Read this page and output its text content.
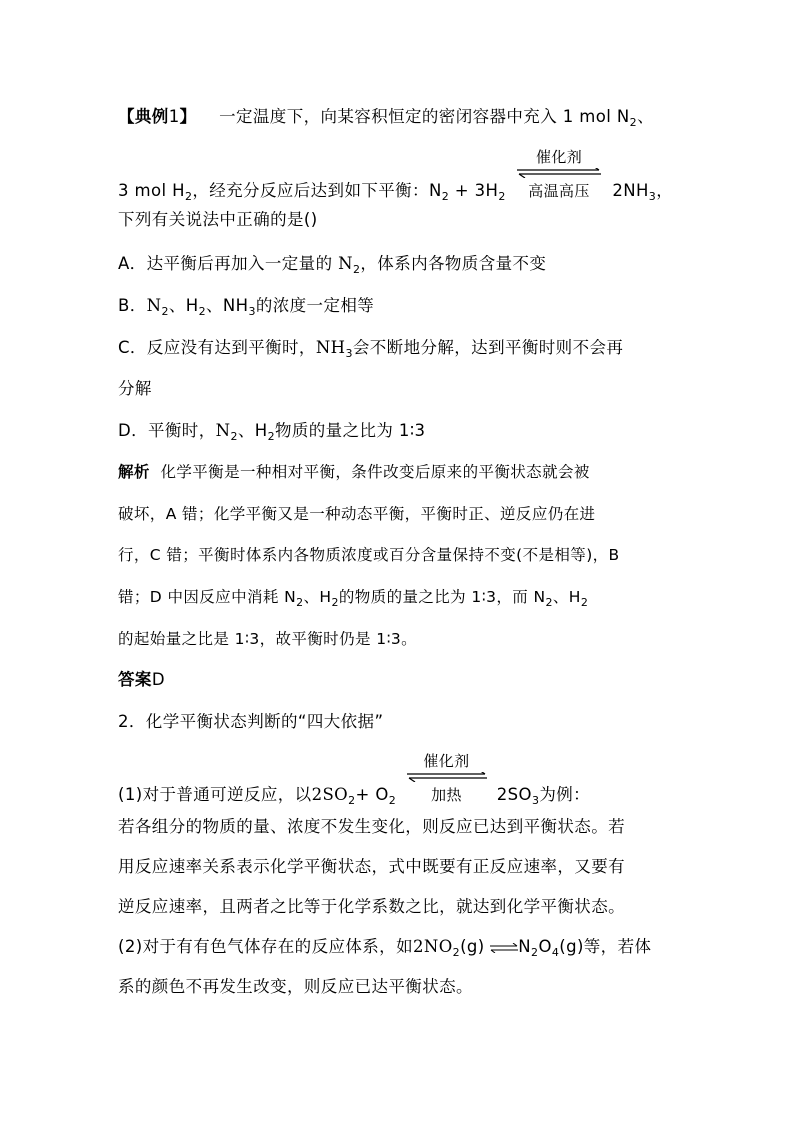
【典例1】 一定温度下，向某容积恒定的密闭容器中充入 1 mol $N_2$、
3 mol $H_2$，经充分反应后达到如下平衡：$N_2 + 3H_2$
催化剂
高温高压	$2NH_3$，
下列有关说法中正确的是()
A．达平衡后再加入一定量的 $N_2$，体系内各物质含量不变
B．$N_2$、$H_2$、$NH_3$的浓度一定相等
C．反应没有达到平衡时，$NH_3$会不断地分解，达到平衡时则不会再
分解
D．平衡时，$N_2$、$H_2$物质的量之比为 1∶3
解析 化学平衡是一种相对平衡，条件改变后原来的平衡状态就会被
破坏，A 错；化学平衡又是一种动态平衡，平衡时正、逆反应仍在进
行，C 错；平衡时体系内各物质浓度或百分含量保持不变(不是相等)，B
错；D 中因反应中消耗 $N_2$、$H_2$的物质的量之比为 1∶3，而 $N_2$、$H_2$
的起始量之比是 1∶3，故平衡时仍是 1∶3。
答案D
2．化学平衡状态判断的“四大依据”
(1)对于普通可逆反应，以$2SO_2+ O_2$
催化剂
加热	$2SO_3$为例：
若各组分的物质的量、浓度不发生变化，则反应已达到平衡状态。若
用反应速率关系表示化学平衡状态，式中既要有正反应速率，又要有
逆反应速率，且两者之比等于化学系数之比，就达到化学平衡状态。
(2)对于有有色气体存在的反应体系，如$2NO_2(g)$ $\rightleftharpoons N_2O_4(g)$等，若体
系的颜色不再发生改变，则反应已达平衡状态。
